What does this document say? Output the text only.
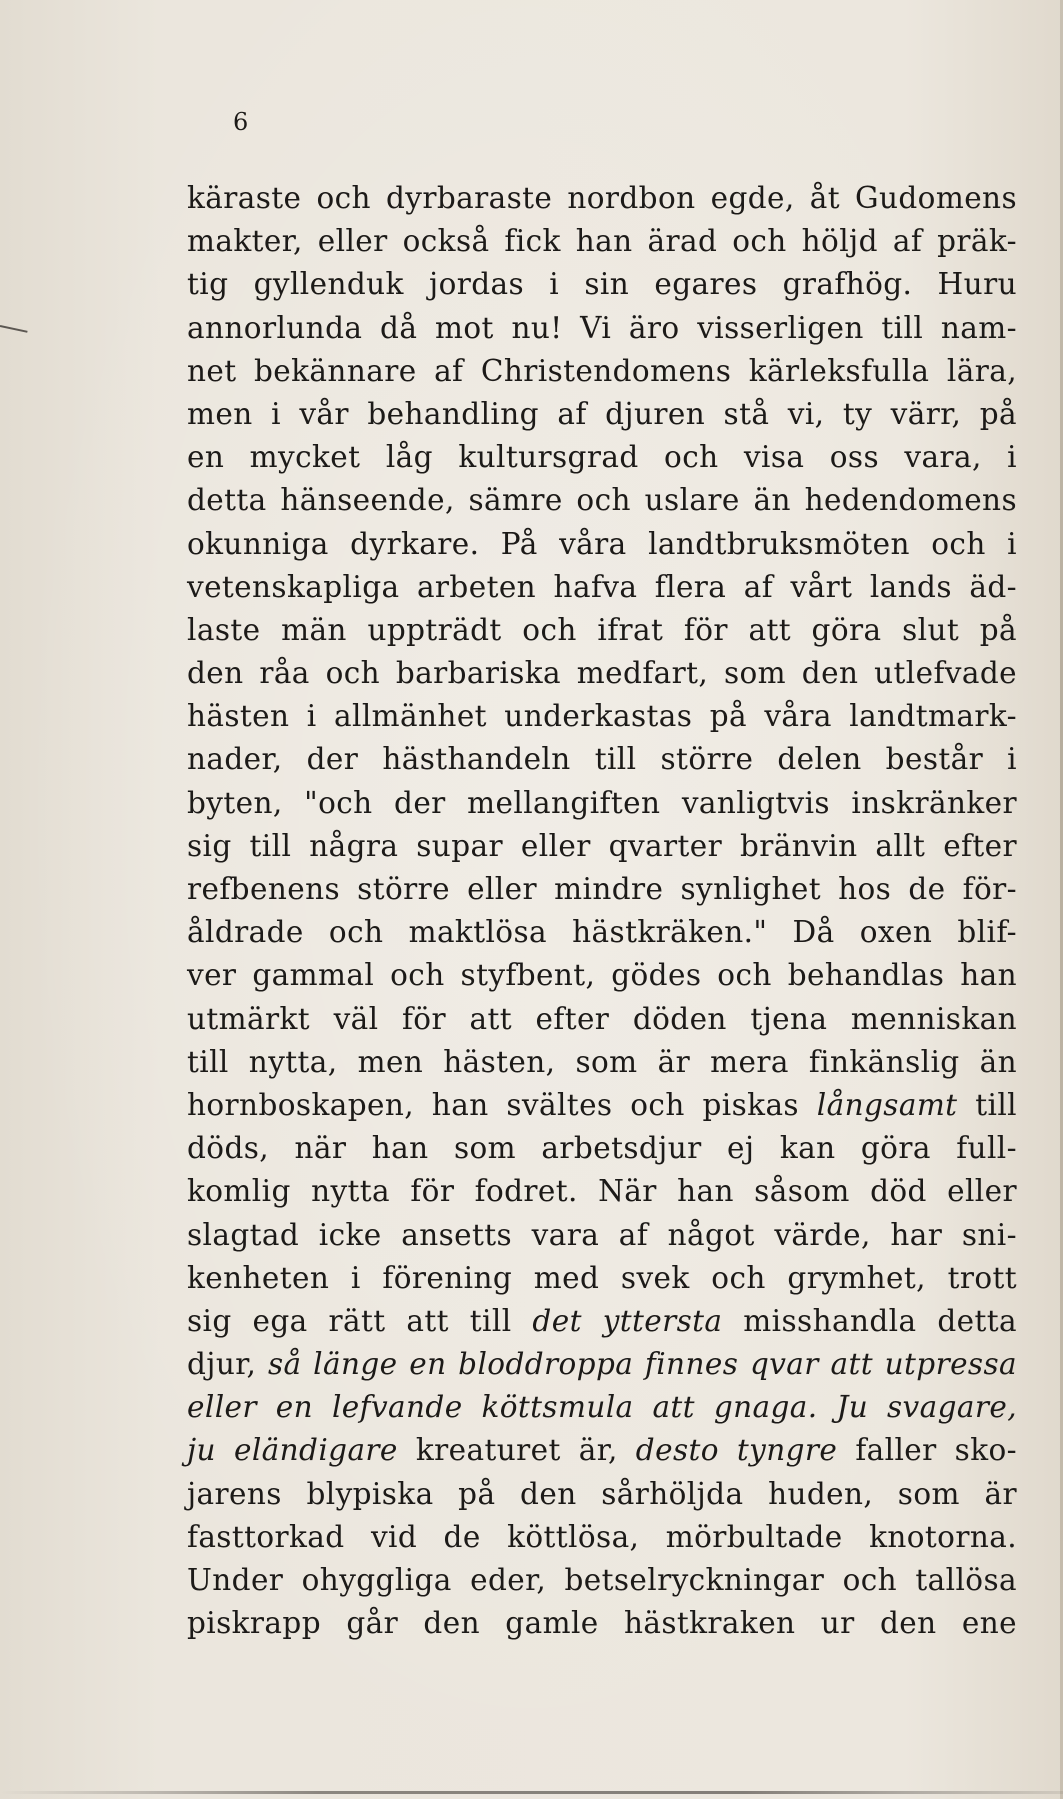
6
käraste och dyrbaraste nordbon egde, åt Gudomens
makter, eller också fick han ärad och höljd af präk-
tig gyllenduk jordas i sin egares grafhög. Huru
annorlunda då mot nu! Vi äro visserligen till nam-
net bekännare af Christendomens kärleksfulla lära,
men i vår behandling af djuren stå vi, ty värr, på
en mycket låg kultursgrad och visa oss vara, i
detta hänseende, sämre och uslare än hedendomens
okunniga dyrkare. På våra landtbruksmöten och i
vetenskapliga arbeten hafva flera af vårt lands äd-
laste män uppträdt och ifrat för att göra slut på
den råa och barbariska medfart, som den utlefvade
hästen i allmänhet underkastas på våra landtmark-
nader, der hästhandeln till större delen består i
byten, "och der mellangiften vanligtvis inskränker
sig till några supar eller qvarter bränvin allt efter
refbenens större eller mindre synlighet hos de för-
åldrade och maktlösa hästkräken." Då oxen blif-
ver gammal och styfbent, gödes och behandlas han
utmärkt väl för att efter döden tjena menniskan
till nytta, men hästen, som är mera finkänslig än
hornboskapen, han svältes och piskas långsamt till
döds, när han som arbetsdjur ej kan göra full-
komlig nytta för fodret. När han såsom död eller
slagtad icke ansetts vara af något värde, har sni-
kenheten i förening med svek och grymhet, trott
sig ega rätt att till det yttersta misshandla detta
djur, så länge en bloddroppa finnes qvar att utpressa
eller en lefvande köttsmula att gnaga. Ju svagare,
ju eländigare kreaturet är, desto tyngre faller sko-
jarens blypiska på den sårhöljda huden, som är
fasttorkad vid de köttlösa, mörbultade knotorna.
Under ohyggliga eder, betselryckningar och tallösa
piskrapp går den gamle hästkraken ur den ene
